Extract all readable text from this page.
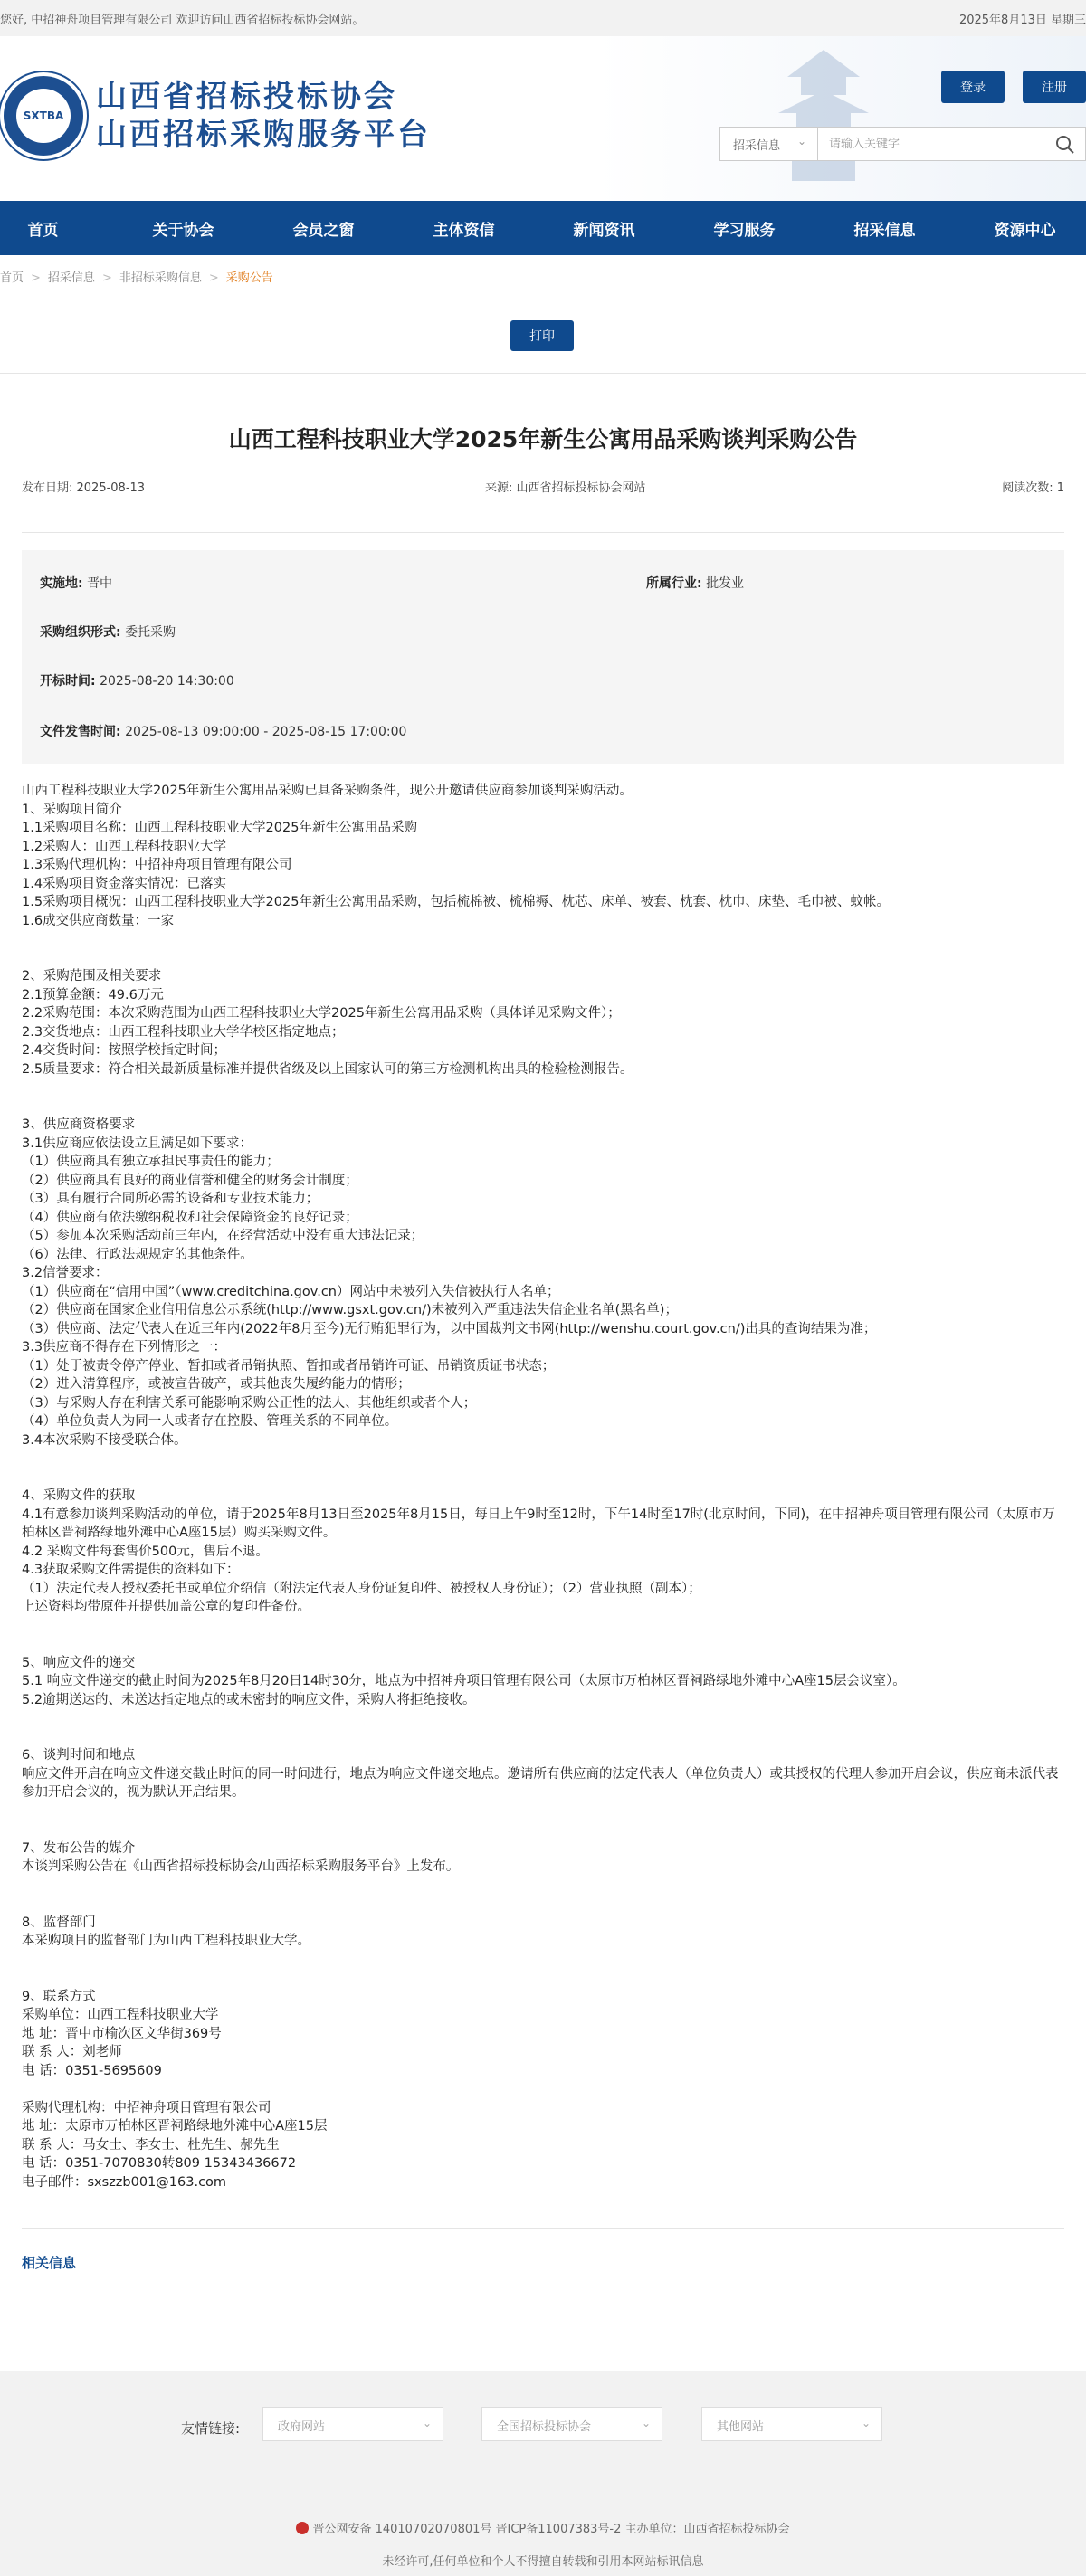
您好, 中招神舟项目管理有限公司 欢迎访问山西省招标投标协会网站。	2025年8月13日 星期三
SXTBA
山西省招标投标协会
山西招标采购服务平台
登录	注册
招采信息 ⌄
请输入关键字
首页	关于协会	会员之窗	主体资信	新闻资讯	学习服务	招采信息	资源中心
首页 > 招采信息 > 非招标采购信息 > 采购公告
打印
山西工程科技职业大学2025年新生公寓用品采购谈判采购公告
发布日期: 2025-08-13	来源: 山西省招标投标协会网站	阅读次数: 1
实施地: 晋中	所属行业: 批发业
采购组织形式: 委托采购
开标时间: 2025-08-20 14:30:00
文件发售时间: 2025-08-13 09:00:00 - 2025-08-15 17:00:00

山西工程科技职业大学2025年新生公寓用品采购已具备采购条件，现公开邀请供应商参加谈判采购活动。

1、采购项目简介

1.1采购项目名称：山西工程科技职业大学2025年新生公寓用品采购

1.2采购人：山西工程科技职业大学

1.3采购代理机构：中招神舟项目管理有限公司

1.4采购项目资金落实情况：已落实

1.5采购项目概况：山西工程科技职业大学2025年新生公寓用品采购，包括梳棉被、梳棉褥、枕芯、床单、被套、枕套、枕巾、床垫、毛巾被、蚊帐。

1.6成交供应商数量：一家

2、采购范围及相关要求

2.1预算金额：49.6万元

2.2采购范围：本次采购范围为山西工程科技职业大学2025年新生公寓用品采购（具体详见采购文件）；

2.3交货地点：山西工程科技职业大学华校区指定地点；

2.4交货时间：按照学校指定时间；

2.5质量要求：符合相关最新质量标准并提供省级及以上国家认可的第三方检测机构出具的检验检测报告。

3、供应商资格要求

3.1供应商应依法设立且满足如下要求：

（1）供应商具有独立承担民事责任的能力；

（2）供应商具有良好的商业信誉和健全的财务会计制度；

（3）具有履行合同所必需的设备和专业技术能力；

（4）供应商有依法缴纳税收和社会保障资金的良好记录；

（5）参加本次采购活动前三年内，在经营活动中没有重大违法记录；

（6）法律、行政法规规定的其他条件。

3.2信誉要求：

（1）供应商在“信用中国”（www.creditchina.gov.cn）网站中未被列入失信被执行人名单；

（2）供应商在国家企业信用信息公示系统(http://www.gsxt.gov.cn/)未被列入严重违法失信企业名单(黑名单)；

（3）供应商、法定代表人在近三年内(2022年8月至今)无行贿犯罪行为，以中国裁判文书网(http://wenshu.court.gov.cn/)出具的查询结果为准；

3.3供应商不得存在下列情形之一：

（1）处于被责令停产停业、暂扣或者吊销执照、暂扣或者吊销许可证、吊销资质证书状态；

（2）进入清算程序，或被宣告破产，或其他丧失履约能力的情形；

（3）与采购人存在利害关系可能影响采购公正性的法人、其他组织或者个人；

（4）单位负责人为同一人或者存在控股、管理关系的不同单位。

3.4本次采购不接受联合体。

4、采购文件的获取

4.1有意参加谈判采购活动的单位，请于2025年8月13日至2025年8月15日，每日上午9时至12时，下午14时至17时(北京时间，下同)，在中招神舟项目管理有限公司（太原市万柏林区晋祠路绿地外滩中心A座15层）购买采购文件。

4.2 采购文件每套售价500元，售后不退。

4.3获取采购文件需提供的资料如下：

（1）法定代表人授权委托书或单位介绍信（附法定代表人身份证复印件、被授权人身份证）；（2）营业执照（副本）；

上述资料均带原件并提供加盖公章的复印件备份。

5、响应文件的递交

5.1 响应文件递交的截止时间为2025年8月20日14时30分，地点为中招神舟项目管理有限公司（太原市万柏林区晋祠路绿地外滩中心A座15层会议室）。

5.2逾期送达的、未送达指定地点的或未密封的响应文件，采购人将拒绝接收。

6、谈判时间和地点

响应文件开启在响应文件递交截止时间的同一时间进行，地点为响应文件递交地点。邀请所有供应商的法定代表人（单位负责人）或其授权的代理人参加开启会议，供应商未派代表参加开启会议的，视为默认开启结果。

7、发布公告的媒介

本谈判采购公告在《山西省招标投标协会/山西招标采购服务平台》上发布。

8、监督部门

本采购项目的监督部门为山西工程科技职业大学。

9、联系方式

采购单位：山西工程科技职业大学

地 址：晋中市榆次区文华街369号

联 系 人：刘老师

电 话：0351-5695609

采购代理机构：中招神舟项目管理有限公司

地 址：太原市万柏林区晋祠路绿地外滩中心A座15层

联 系 人：马女士、李女士、杜先生、郝先生

电 话：0351-7070830转809 15343436672

电子邮件：sxszzb001@163.com

相关信息
友情链接:	政府网站	⌄	全国招标投标协会	⌄	其他网站	⌄
晋公网安备 14010702070801号 晋ICP备11007383号-2 主办单位：山西省招标投标协会
未经许可,任何单位和个人不得擅自转载和引用本网站标讯信息
